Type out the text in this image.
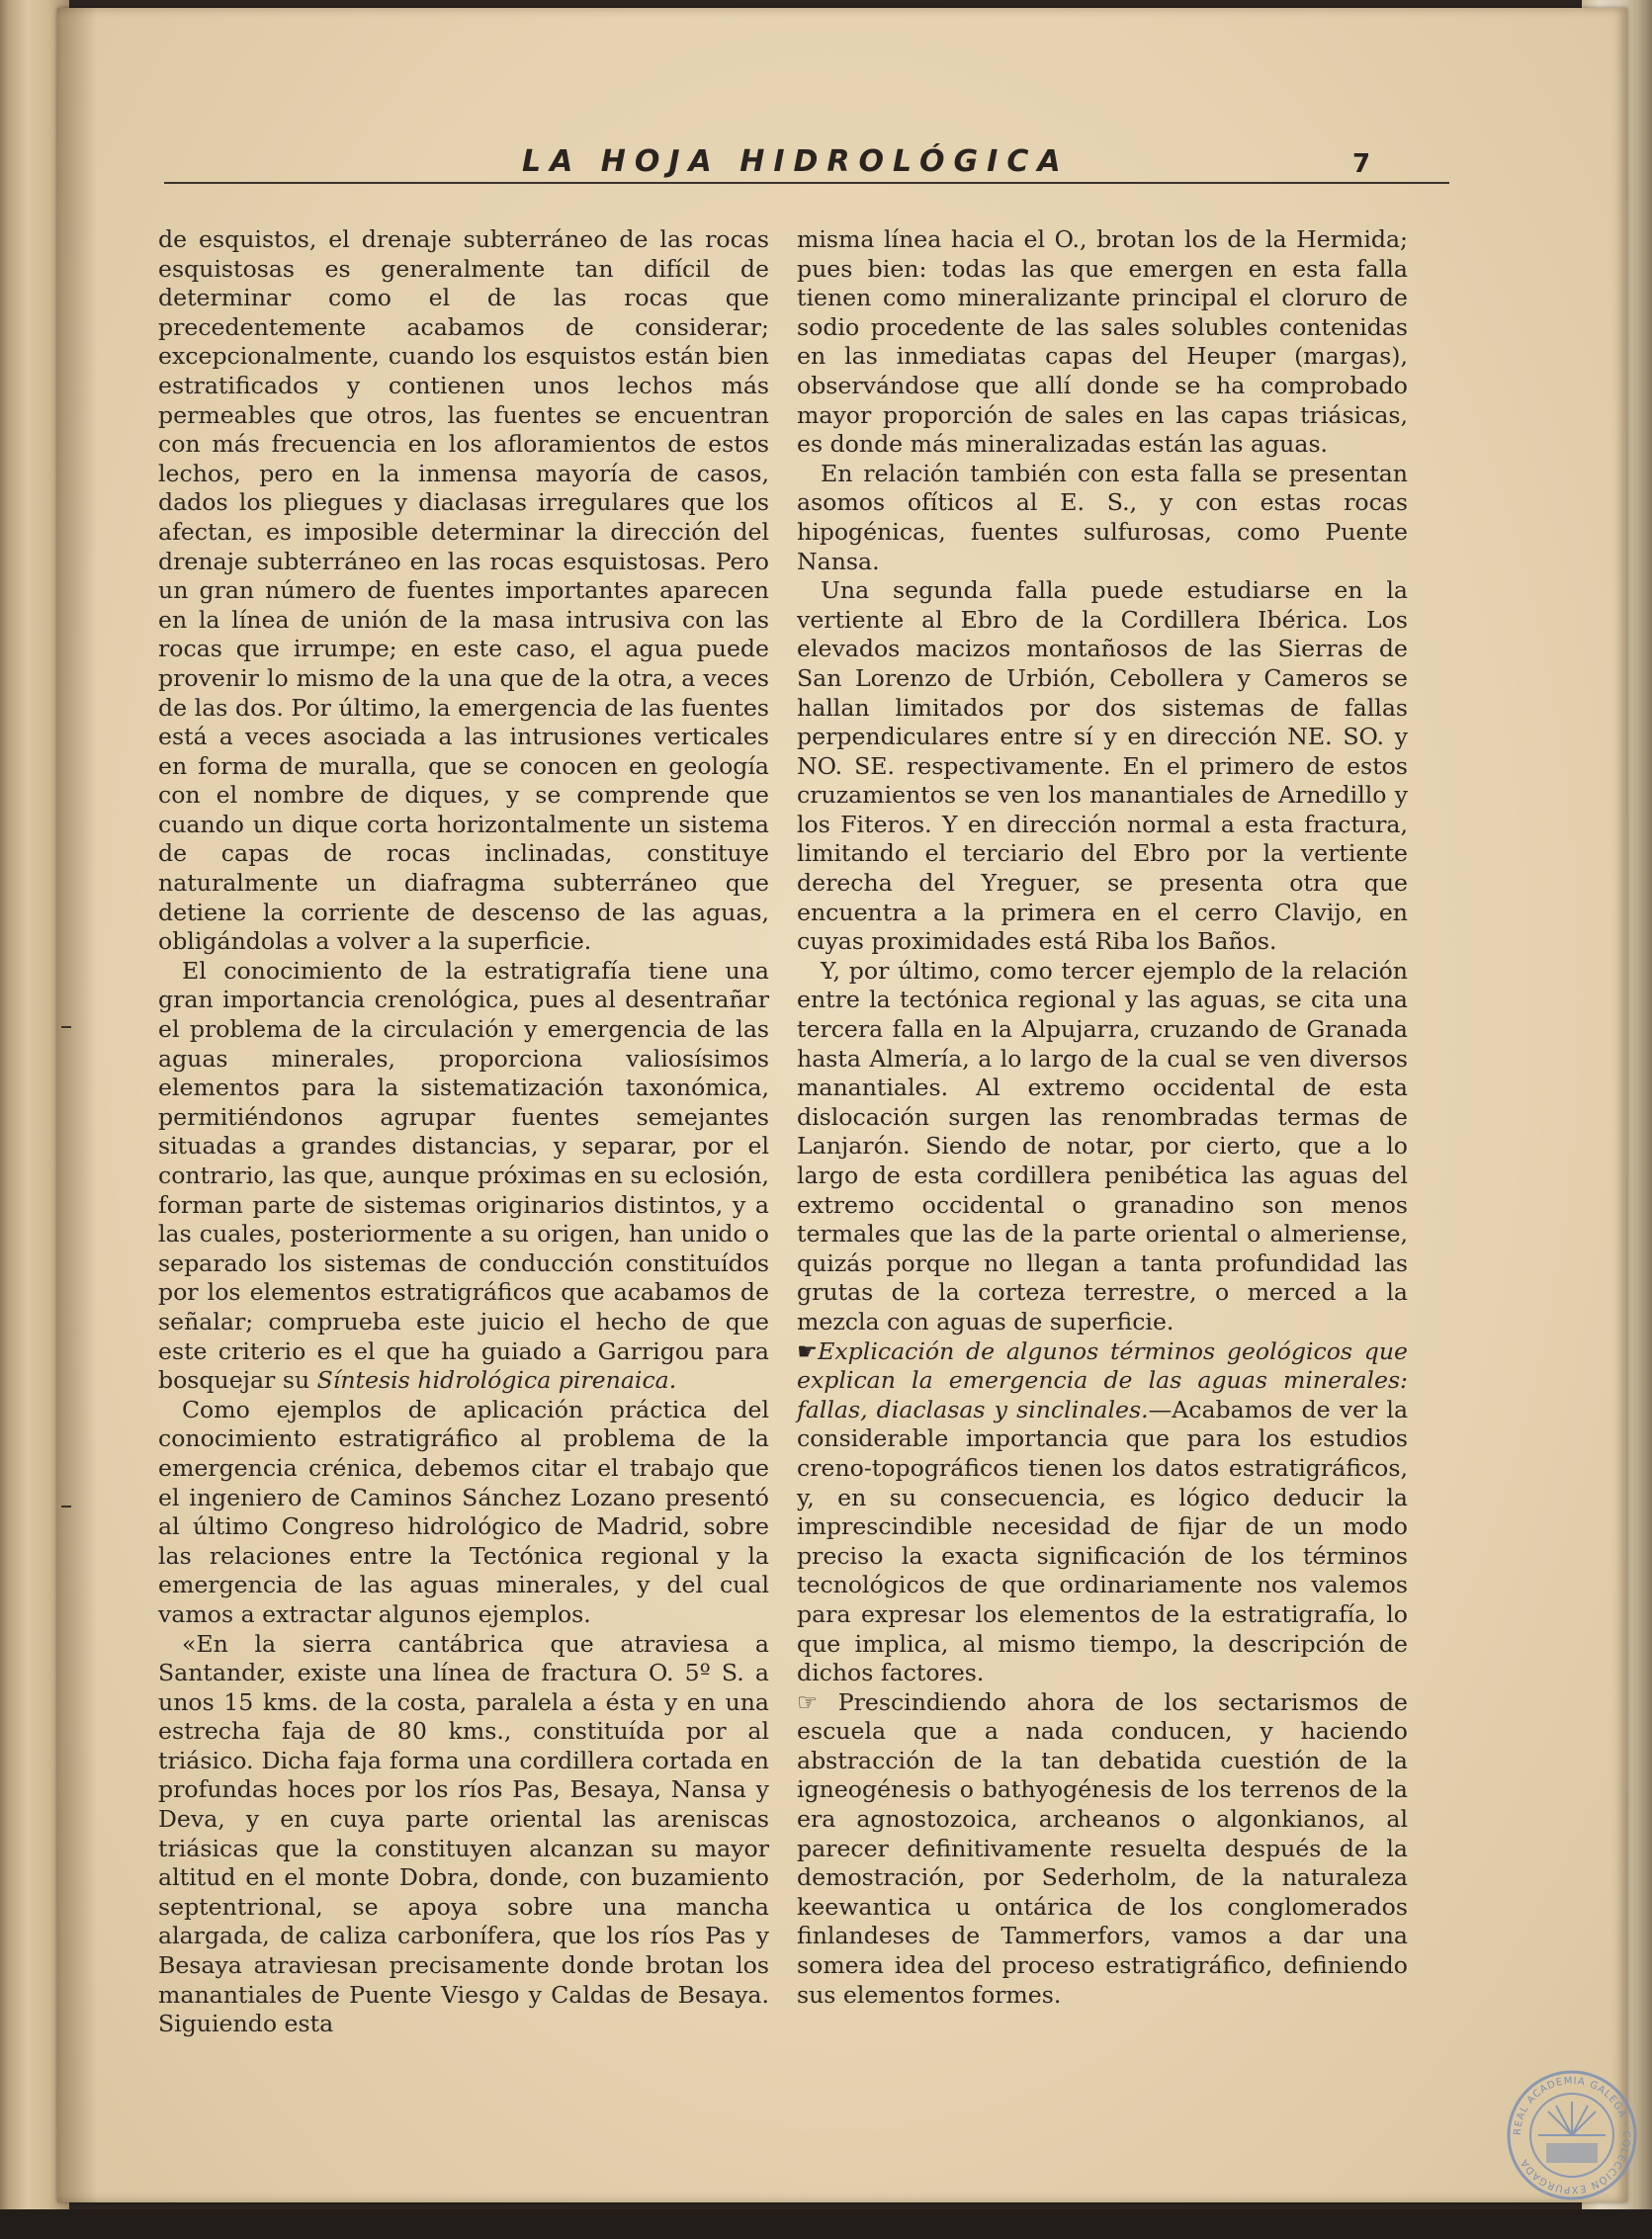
LA HOJA HIDROLÓGICA	7

de esquistos, el drenaje subterráneo de las rocas esquistosas es generalmente tan difícil de determinar como el de las rocas que precedentemente acabamos de considerar; excepcionalmente, cuando los esquistos están bien estratificados y contienen unos lechos más permeables que otros, las fuentes se encuentran con más frecuencia en los afloramientos de estos lechos, pero en la inmensa mayoría de casos, dados los pliegues y diaclasas irregulares que los afectan, es imposible determinar la dirección del drenaje subterráneo en las rocas esquistosas. Pero un gran número de fuentes importantes aparecen en la línea de unión de la masa intrusiva con las rocas que irrumpe; en este caso, el agua puede provenir lo mismo de la una que de la otra, a veces de las dos. Por último, la emergencia de las fuentes está a veces asociada a las intrusiones verticales en forma de muralla, que se conocen en geología con el nombre de diques, y se comprende que cuando un dique corta horizontalmente un sistema de capas de rocas inclinadas, constituye naturalmente un diafragma subterráneo que detiene la corriente de descenso de las aguas, obligándolas a volver a la superficie.

El conocimiento de la estratigrafía tiene una gran importancia crenológica, pues al desentrañar el problema de la circulación y emergencia de las aguas minerales, proporciona valiosísimos elementos para la sistematización taxonómica, permitiéndonos agrupar fuentes semejantes situadas a grandes distancias, y separar, por el contrario, las que, aunque próximas en su eclosión, forman parte de sistemas originarios distintos, y a las cuales, posteriormente a su origen, han unido o separado los sistemas de conducción constituídos por los elementos estratigráficos que acabamos de señalar; comprueba este juicio el hecho de que este criterio es el que ha guiado a Garrigou para bosquejar su Síntesis hidrológica pirenaica.

Como ejemplos de aplicación práctica del conocimiento estratigráfico al problema de la emergencia crénica, debemos citar el trabajo que el ingeniero de Caminos Sánchez Lozano presentó al último Congreso hidrológico de Madrid, sobre las relaciones entre la Tectónica regional y la emergencia de las aguas minerales, y del cual vamos a extractar algunos ejemplos.

«En la sierra cantábrica que atraviesa a Santander, existe una línea de fractura O. 5º S. a unos 15 kms. de la costa, paralela a ésta y en una estrecha faja de 80 kms., constituída por al triásico. Dicha faja forma una cordillera cortada en profundas hoces por los ríos Pas, Besaya, Nansa y Deva, y en cuya parte oriental las areniscas triásicas que la constituyen alcanzan su mayor altitud en el monte Dobra, donde, con buzamiento septentrional, se apoya sobre una mancha alargada, de caliza carbonífera, que los ríos Pas y Besaya atraviesan precisamente donde brotan los manantiales de Puente Viesgo y Caldas de Besaya. Siguiendo esta

misma línea hacia el O., brotan los de la Hermida; pues bien: todas las que emergen en esta falla tienen como mineralizante principal el cloruro de sodio procedente de las sales solubles contenidas en las inmediatas capas del Heuper (margas), observándose que allí donde se ha comprobado mayor proporción de sales en las capas triásicas, es donde más mineralizadas están las aguas.

En relación también con esta falla se presentan asomos ofíticos al E. S., y con estas rocas hipogénicas, fuentes sulfurosas, como Puente Nansa.

Una segunda falla puede estudiarse en la vertiente al Ebro de la Cordillera Ibérica. Los elevados macizos montañosos de las Sierras de San Lorenzo de Urbión, Cebollera y Cameros se hallan limitados por dos sistemas de fallas perpendiculares entre sí y en dirección NE. SO. y NO. SE. respectivamente. En el primero de estos cruzamientos se ven los manantiales de Arnedillo y los Fiteros. Y en dirección normal a esta fractura, limitando el terciario del Ebro por la vertiente derecha del Yreguer, se presenta otra que encuentra a la primera en el cerro Clavijo, en cuyas proximidades está Riba los Baños.

Y, por último, como tercer ejemplo de la relación entre la tectónica regional y las aguas, se cita una tercera falla en la Alpujarra, cruzando de Granada hasta Almería, a lo largo de la cual se ven diversos manantiales. Al extremo occidental de esta dislocación surgen las renombradas termas de Lanjarón. Siendo de notar, por cierto, que a lo largo de esta cordillera penibética las aguas del extremo occidental o granadino son menos termales que las de la parte oriental o almeriense, quizás porque no llegan a tanta profundidad las grutas de la corteza terrestre, o merced a la mezcla con aguas de superficie.

☛Explicación de algunos términos geológicos que explican la emergencia de las aguas minerales: fallas, diaclasas y sinclinales.—Acabamos de ver la considerable importancia que para los estudios creno-topográficos tienen los datos estratigráficos, y, en su consecuencia, es lógico deducir la imprescindible necesidad de fijar de un modo preciso la exacta significación de los términos tecnológicos de que ordinariamente nos valemos para expresar los elementos de la estratigrafía, lo que implica, al mismo tiempo, la descripción de dichos factores.

☞ Prescindiendo ahora de los sectarismos de escuela que a nada conducen, y haciendo abstracción de la tan debatida cuestión de la igneogénesis o bathyogénesis de los terrenos de la era agnostozoica, archeanos o algonkianos, al parecer definitivamente resuelta después de la demostración, por Sederholm, de la naturaleza keewantica u ontárica de los conglomerados finlandeses de Tammerfors, vamos a dar una somera idea del proceso estratigráfico, definiendo sus elementos formes.

REAL ACADEMIA GALEGA · COLECCIÓN EXPURGADA
